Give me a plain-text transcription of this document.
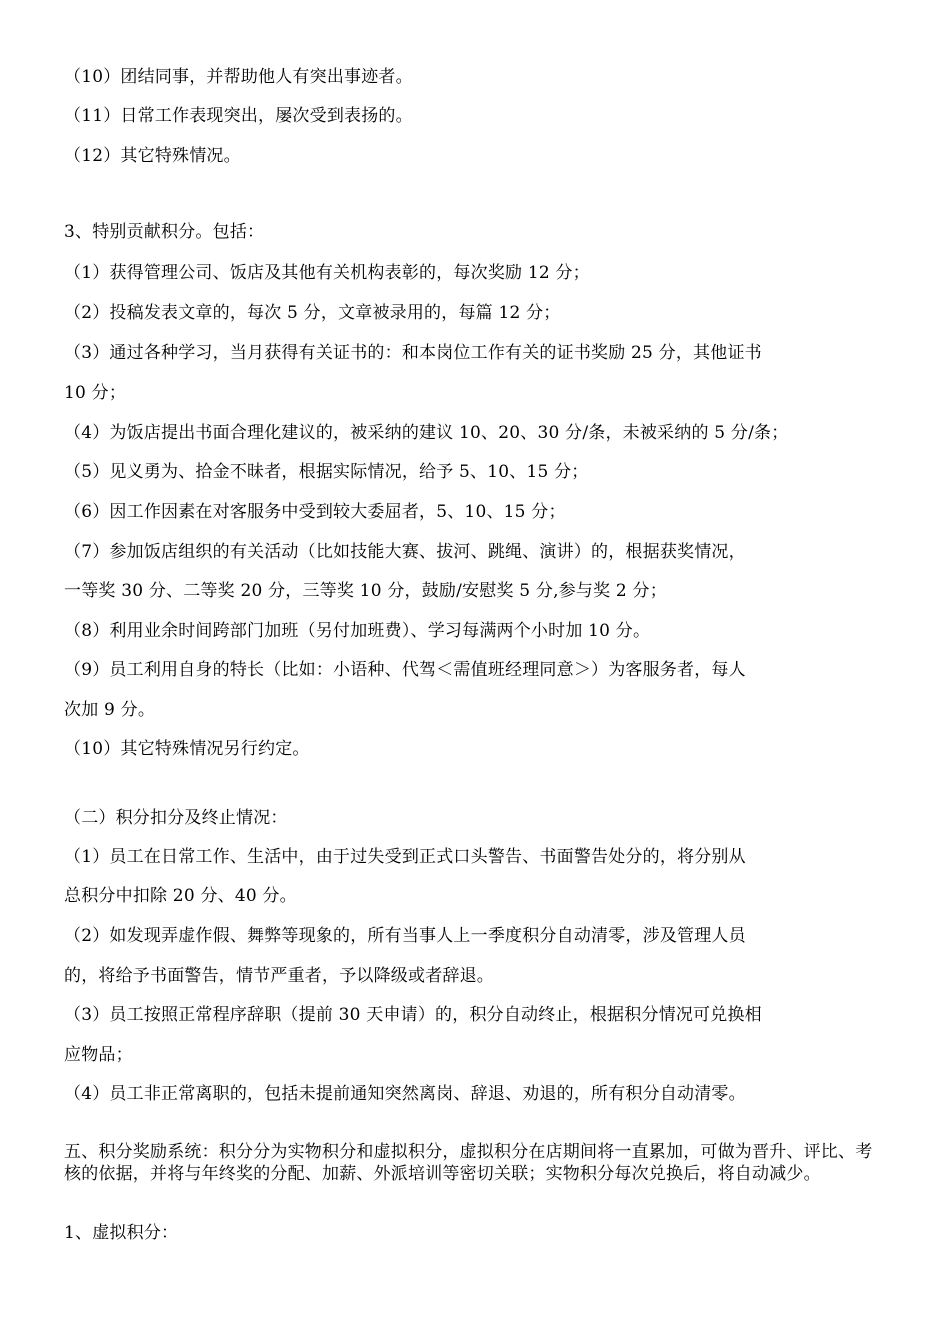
（10）团结同事，并帮助他人有突出事迹者。
（11）日常工作表现突出，屡次受到表扬的。
（12）其它特殊情况。
3、特别贡献积分。包括：
（1）获得管理公司、饭店及其他有关机构表彰的，每次奖励 12 分；
（2）投稿发表文章的，每次 5 分，文章被录用的，每篇 12 分；
（3）通过各种学习，当月获得有关证书的：和本岗位工作有关的证书奖励 25 分，其他证书
10 分；
（4）为饭店提出书面合理化建议的，被采纳的建议 10、20、30 分/条，未被采纳的 5 分/条；
（5）见义勇为、拾金不昧者，根据实际情况，给予 5、10、15 分；
（6）因工作因素在对客服务中受到较大委屈者，5、10、15 分；
（7）参加饭店组织的有关活动（比如技能大赛、拔河、跳绳、演讲）的，根据获奖情况，
一等奖 30 分、二等奖 20 分，三等奖 10 分，鼓励/安慰奖 5 分,参与奖 2 分；
（8）利用业余时间跨部门加班（另付加班费）、学习每满两个小时加 10 分。
（9）员工利用自身的特长（比如：小语种、代驾＜需值班经理同意＞）为客服务者，每人
次加 9 分。
（10）其它特殊情况另行约定。
（二）积分扣分及终止情况：
（1）员工在日常工作、生活中，由于过失受到正式口头警告、书面警告处分的，将分别从
总积分中扣除 20 分、40 分。
（2）如发现弄虚作假、舞弊等现象的，所有当事人上一季度积分自动清零，涉及管理人员
的，将给予书面警告，情节严重者，予以降级或者辞退。
（3）员工按照正常程序辞职（提前 30 天申请）的，积分自动终止，根据积分情况可兑换相
应物品；
（4）员工非正常离职的，包括未提前通知突然离岗、辞退、劝退的，所有积分自动清零。
五、积分奖励系统：积分分为实物积分和虚拟积分，虚拟积分在店期间将一直累加，可做为晋升、评比、考核的依据，并将与年终奖的分配、加薪、外派培训等密切关联；实物积分每次兑换后，将自动减少。
1、虚拟积分：
